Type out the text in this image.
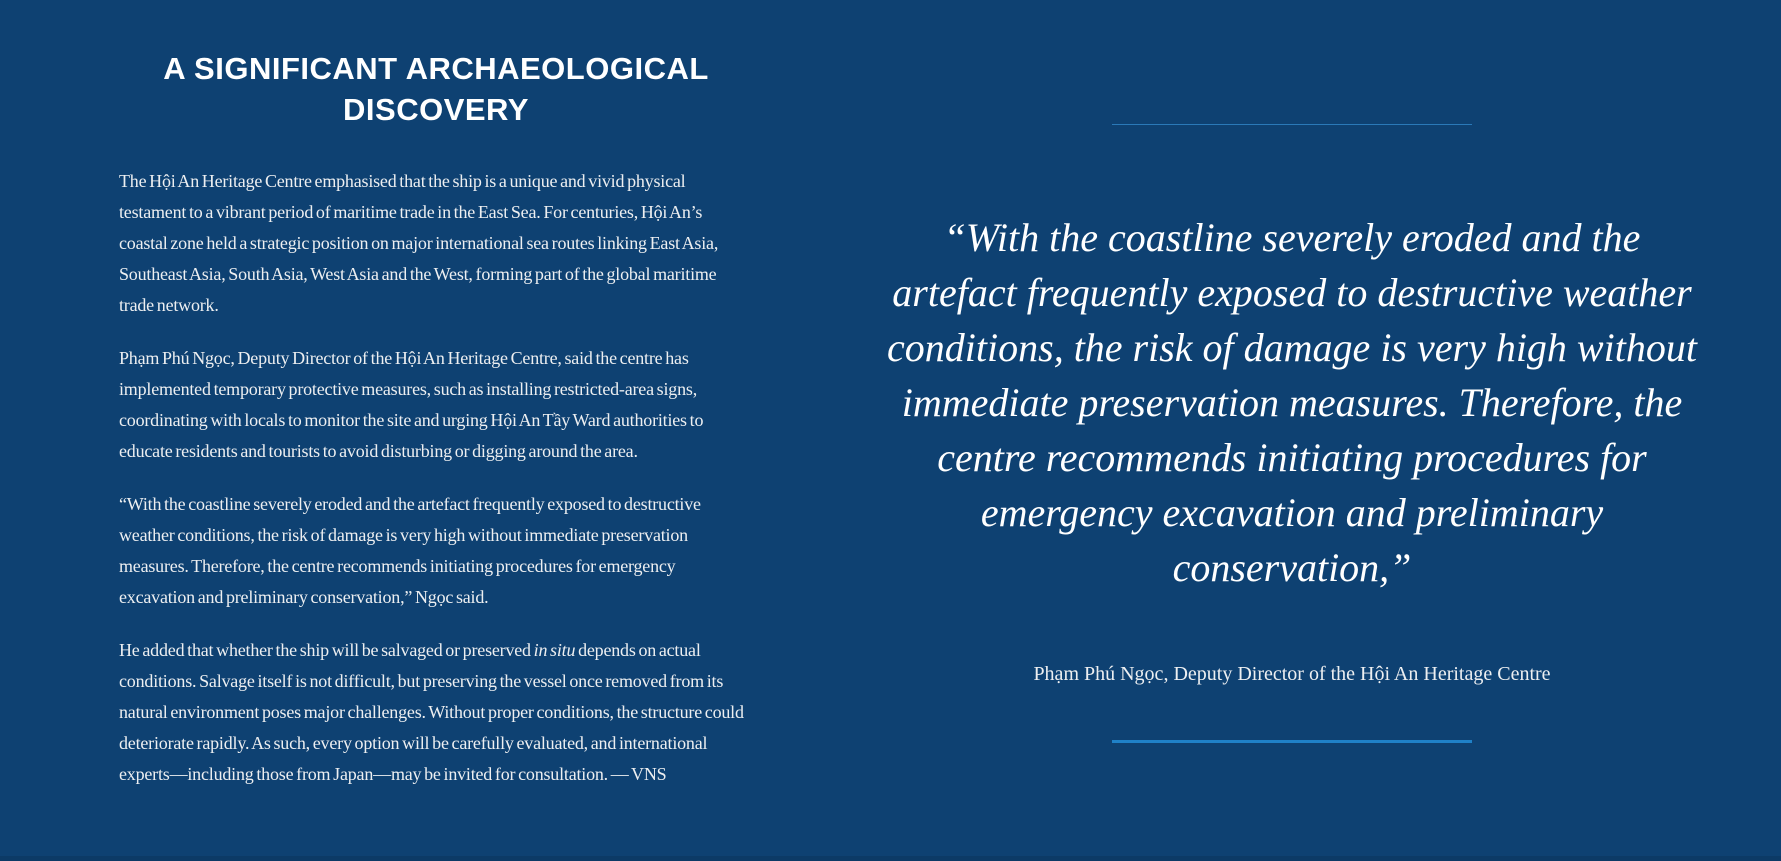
A SIGNIFICANT ARCHAEOLOGICAL DISCOVERY

The Hội An Heritage Centre emphasised that the ship is a unique and vivid physical testament to a vibrant period of maritime trade in the East Sea. For centuries, Hội An’s coastal zone held a strategic position on major international sea routes linking East Asia, Southeast Asia, South Asia, West Asia and the West, forming part of the global maritime trade network.

Phạm Phú Ngọc, Deputy Director of the Hội An Heritage Centre, said the centre has implemented temporary protective measures, such as installing restricted-area signs, coordinating with locals to monitor the site and urging Hội An Tầy Ward authorities to educate residents and tourists to avoid disturbing or digging around the area.

“With the coastline severely eroded and the artefact frequently exposed to destructive weather conditions, the risk of damage is very high without immediate preservation measures. Therefore, the centre recommends initiating procedures for emergency excavation and preliminary conservation,” Ngọc said.

He added that whether the ship will be salvaged or preserved in situ depends on actual conditions. Salvage itself is not difficult, but preserving the vessel once removed from its natural environment poses major challenges. Without proper conditions, the structure could deteriorate rapidly. As such, every option will be carefully evaluated, and international experts—including those from Japan—may be invited for consultation. — VNS

“With the coastline severely eroded and the artefact frequently exposed to destructive weather conditions, the risk of damage is very high without immediate preservation measures. Therefore, the centre recommends initiating procedures for emergency excavation and preliminary conservation,”
Phạm Phú Ngọc, Deputy Director of the Hội An Heritage Centre
